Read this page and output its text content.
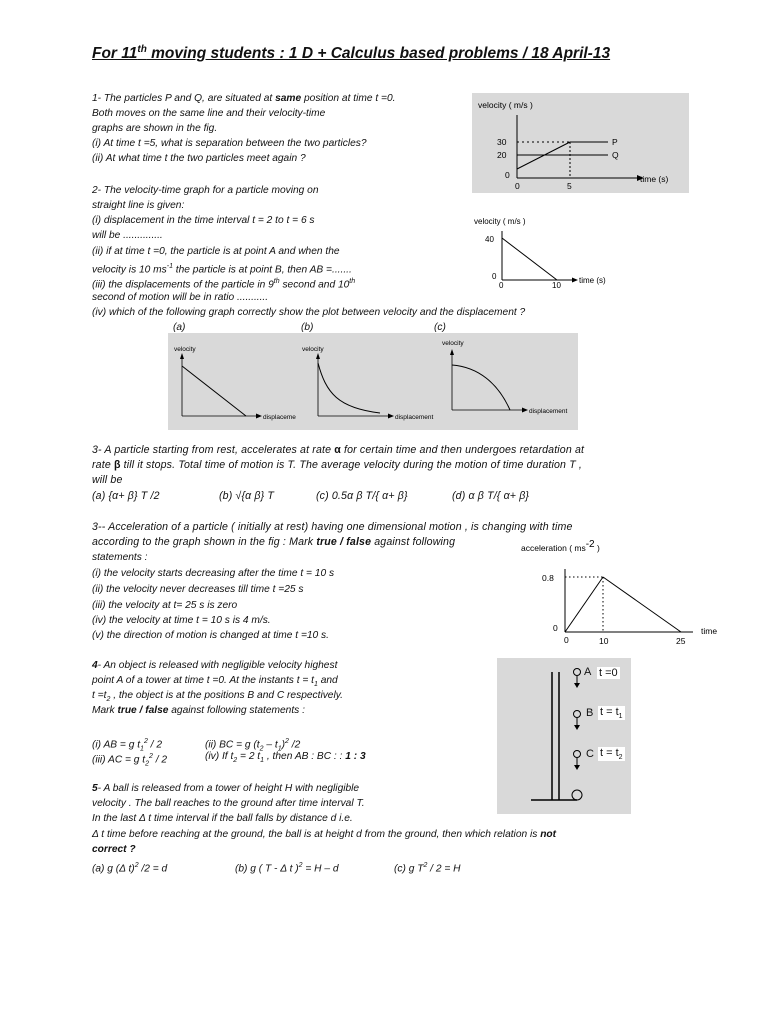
For 11th moving students : 1 D + Calculus based problems / 18 April-13
1- The particles P and Q, are situated at same position at time t =0.
Both moves on the same line and their velocity-time
graphs are shown in the fig.
(i) At time t =5, what is separation between the two particles?
(ii) At what time t the two particles meet again ?
velocity ( m/s )
30
20
0
0	5
P
Q
time (s)
2- The velocity-time graph for a particle moving on
straight line is given:
(i) displacement in the time interval t = 2 to t = 6 s
will be ..............
(ii) if at time t =0, the particle is at point A and when the
velocity is 10 $ms^{-1}$ the particle is at point B, then AB =.......
(iii) the displacements of the particle in 9th second and 10th
second of motion will be in ratio ...........
(iv) which of the following graph correctly show the plot between velocity and the displacement ?
velocity ( m/s )
40
0
0	10
time (s)
(a)	(b)	(c)
velocity
displaceme
velocity
displacement
velocity
displacement
3- A particle starting from rest, accelerates at rate α for certain time and then undergoes retardation at
rate β till it stops. Total time of motion is T. The average velocity during the motion of time duration T ,
will be
(a) {α+ β} T /2	(b) √{α β} T	(c) 0.5α β T/{ α+ β}	(d) α β T/{ α+ β}
3-- Acceleration of a particle ( initially at rest) having one dimensional motion , is changing with time
according to the graph shown in the fig : Mark true / false against following
statements :
(i) the velocity starts decreasing after the time t = 10 s
(ii) the velocity never decreases till time t =25 s
(iii) the velocity at t= 25 s is zero
(iv) the velocity at time t = 10 s is 4 m/s.
(v) the direction of motion is changed at time t =10 s.
acceleration ( ms-2 )
0.8
0
0	10	25
time
4- An object is released with negligible velocity highest
point A of a tower at time t =0. At the instants $t = t_1$ and
$t =t_2$ , the object is at the positions B and C respectively.
Mark true / false against following statements :
(i) AB = g $t_1^2 / 2$	(ii) BC = g $(t_2 - t_1)^2$ /2
(iii) AC = g $t_2^2 / 2$	(iv) If $t_2 = 2$ $t_1$ , then AB : BC : : 1 : 3
A t =0
B $t = t_1$
C $t = t_2$
5- A ball is released from a tower of height H with negligible
velocity . The ball reaches to the ground after time interval T.
In the last Δ t time interval if the ball falls by distance d i.e.
Δ t time before reaching at the ground, the ball is at height d from the ground, then which relation is not
correct ?
(a) g (Δ t)$^2$ /2 = d	(b) g ( T - Δ t )$^2$ = H – d	(c) g $T^2 / 2 = H$
